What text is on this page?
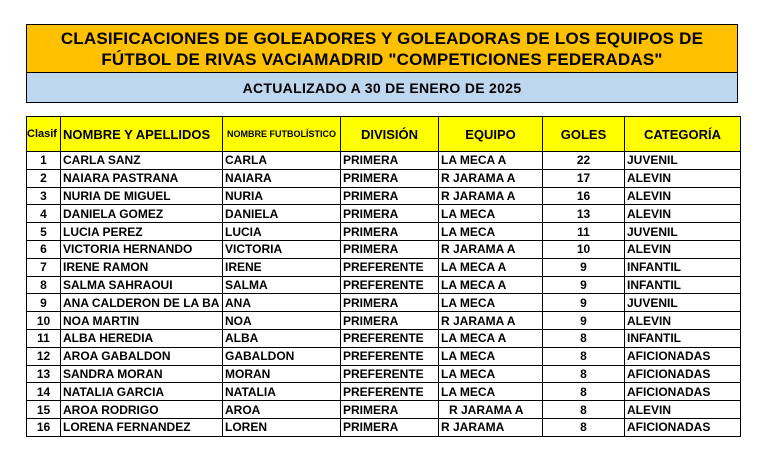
CLASIFICACIONES DE GOLEADORES Y GOLEADORAS DE LOS EQUIPOS DE
FÚTBOL DE RIVAS VACIAMADRID "COMPETICIONES FEDERADAS"
ACTUALIZADO A 30 DE ENERO DE 2025
Clasif	NOMBRE Y APELLIDOS	NOMBRE FUTBOLÍSTICO	DIVISIÓN	EQUIPO	GOLES	CATEGORÍA
1	CARLA SANZ	CARLA	PRIMERA	LA MECA A	22	JUVENIL
2	NAIARA PASTRANA	NAIARA	PRIMERA	R JARAMA A	17	ALEVIN
3	NURIA DE MIGUEL	NURIA	PRIMERA	R JARAMA A	16	ALEVIN
4	DANIELA GOMEZ	DANIELA	PRIMERA	LA MECA	13	ALEVIN
5	LUCIA PEREZ	LUCIA	PRIMERA	LA MECA	11	JUVENIL
6	VICTORIA HERNANDO	VICTORIA	PRIMERA	R JARAMA A	10	ALEVIN
7	IRENE RAMON	IRENE	PREFERENTE	LA MECA A	9	INFANTIL
8	SALMA SAHRAOUI	SALMA	PREFERENTE	LA MECA A	9	INFANTIL
9	ANA CALDERON DE LA BA	ANA	PRIMERA	LA MECA	9	JUVENIL
10	NOA MARTIN	NOA	PRIMERA	R JARAMA A	9	ALEVIN
11	ALBA HEREDIA	ALBA	PREFERENTE	LA MECA A	8	INFANTIL
12	AROA GABALDON	GABALDON	PREFERENTE	LA MECA	8	AFICIONADAS
13	SANDRA MORAN	MORAN	PREFERENTE	LA MECA	8	AFICIONADAS
14	NATALIA GARCIA	NATALIA	PREFERENTE	LA MECA	8	AFICIONADAS
15	AROA RODRIGO	AROA	PRIMERA	R JARAMA A	8	ALEVIN
16	LORENA FERNANDEZ	LOREN	PRIMERA	R JARAMA	8	AFICIONADAS
